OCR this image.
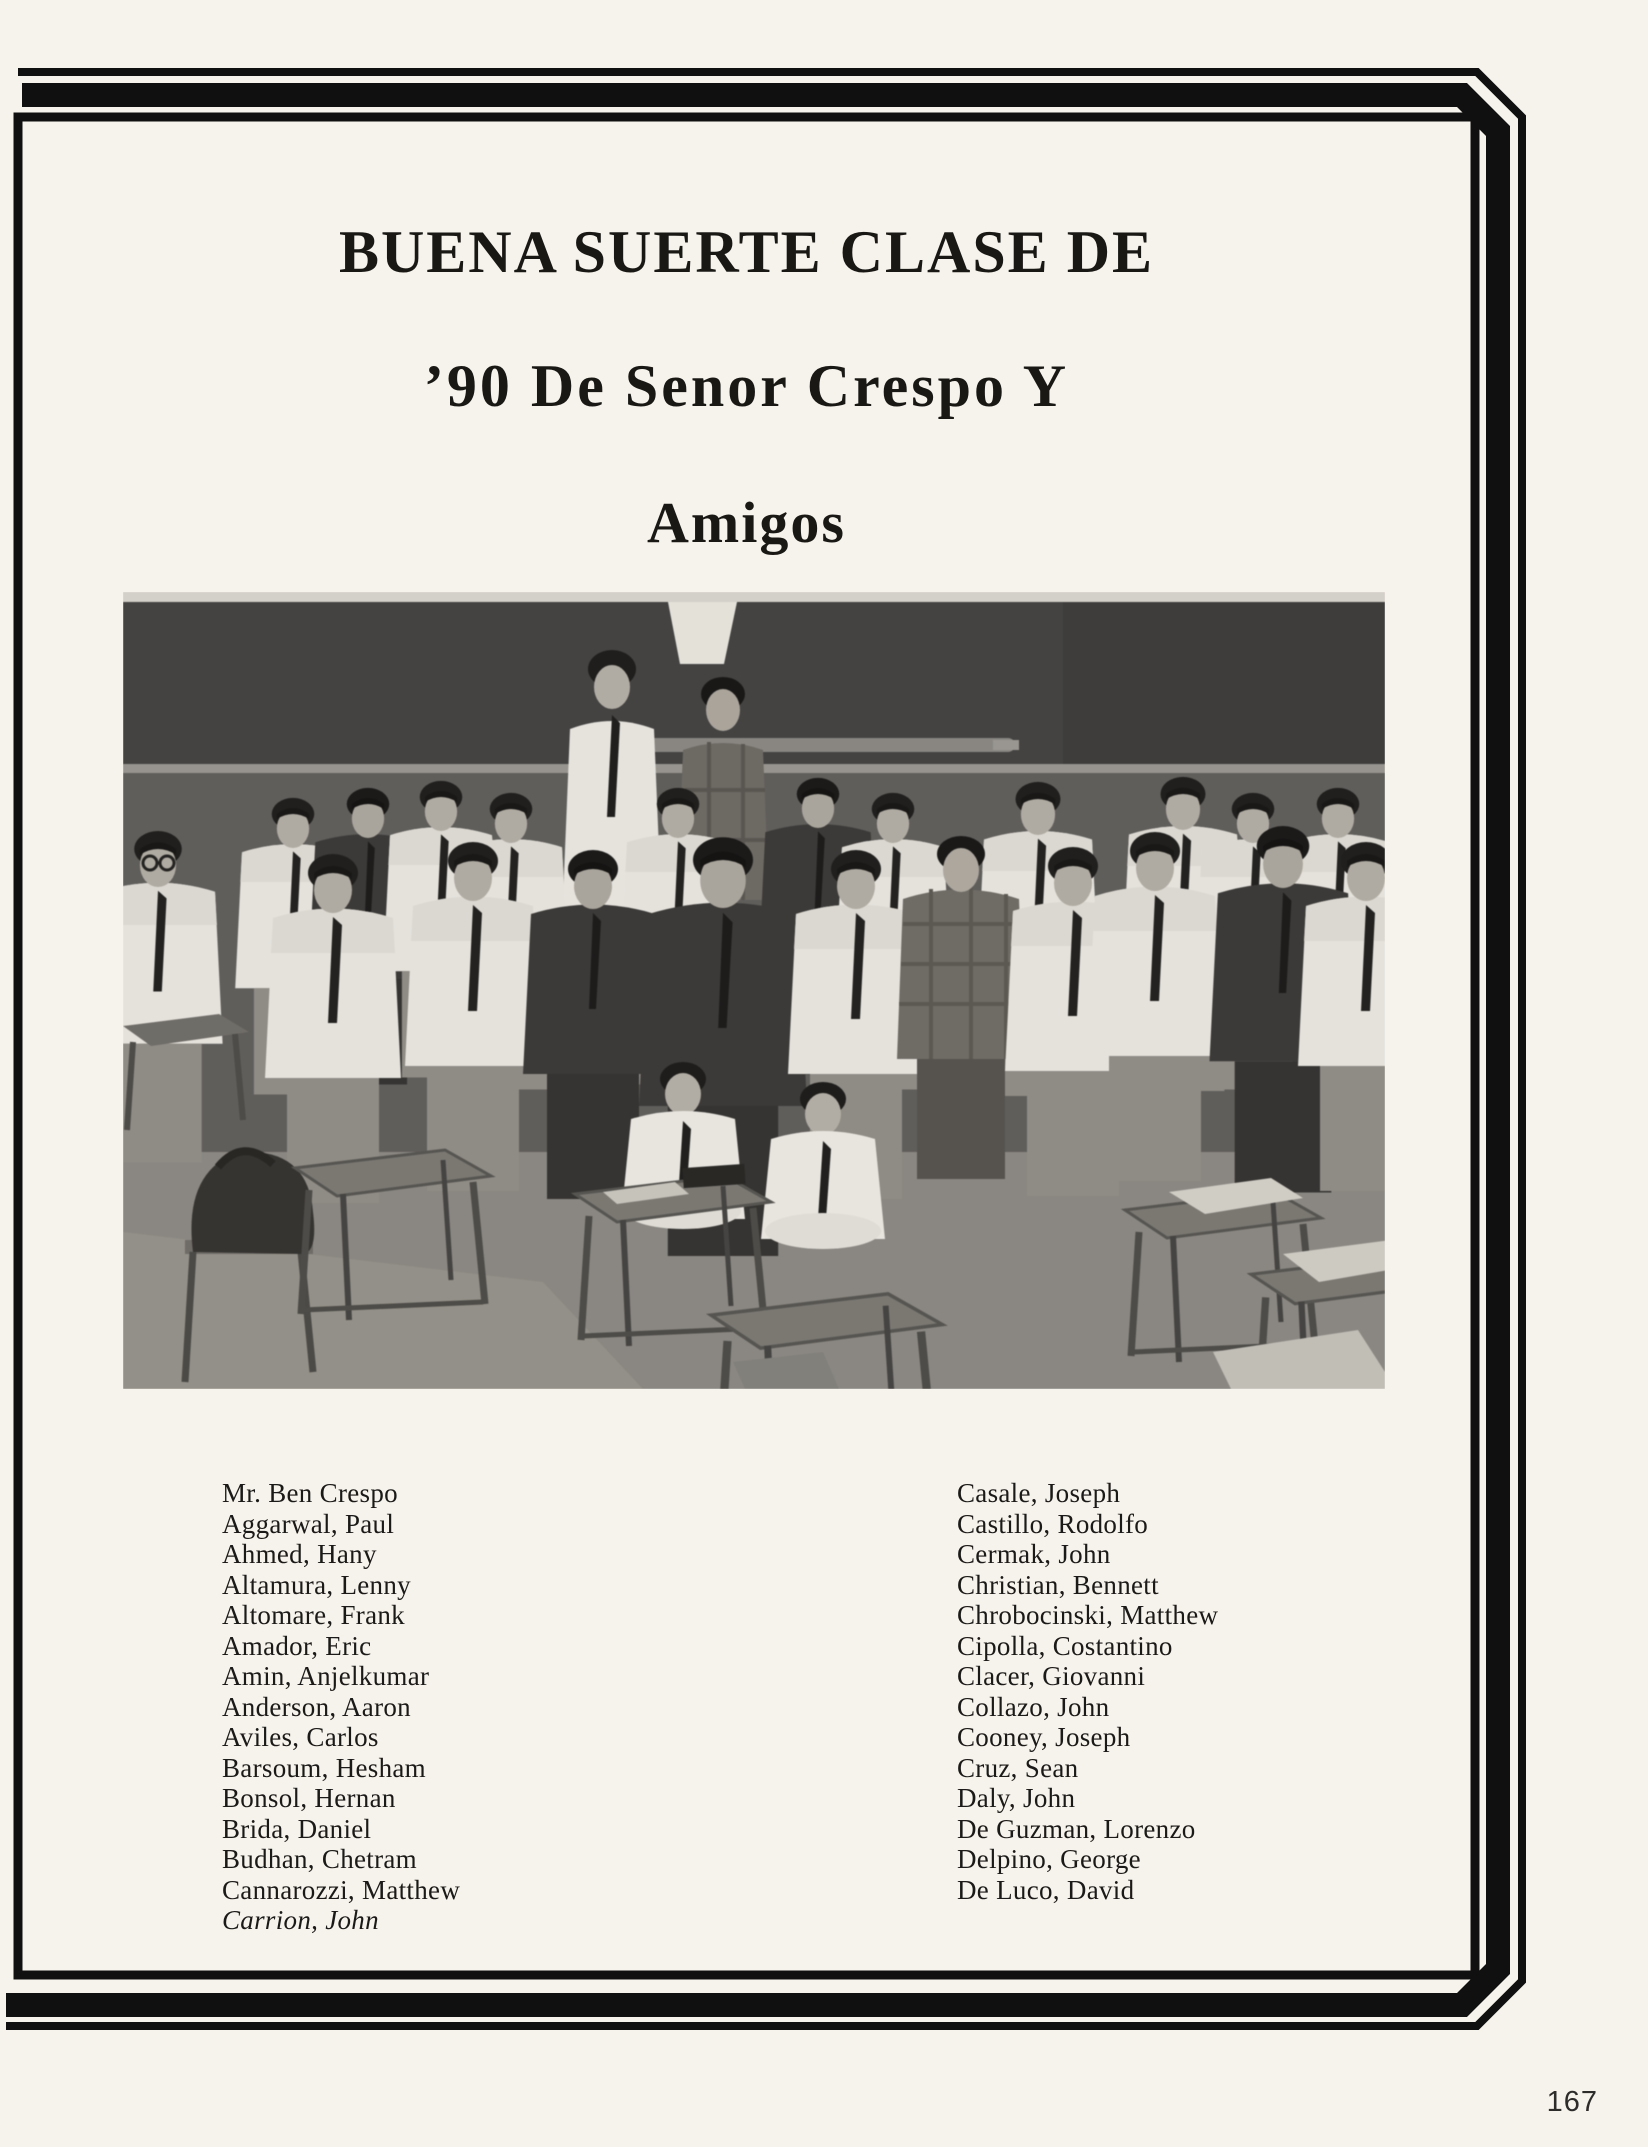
BUENA SUERTE CLASE DE
’90 De Senor Crespo Y
Amigos
Mr. Ben Crespo
Aggarwal, Paul
Ahmed, Hany
Altamura, Lenny
Altomare, Frank
Amador, Eric
Amin, Anjelkumar
Anderson, Aaron
Aviles, Carlos
Barsoum, Hesham
Bonsol, Hernan
Brida, Daniel
Budhan, Chetram
Cannarozzi, Matthew
Carrion, John
Casale, Joseph
Castillo, Rodolfo
Cermak, John
Christian, Bennett
Chrobocinski, Matthew
Cipolla, Costantino
Clacer, Giovanni
Collazo, John
Cooney, Joseph
Cruz, Sean
Daly, John
De Guzman, Lorenzo
Delpino, George
De Luco, David
167
